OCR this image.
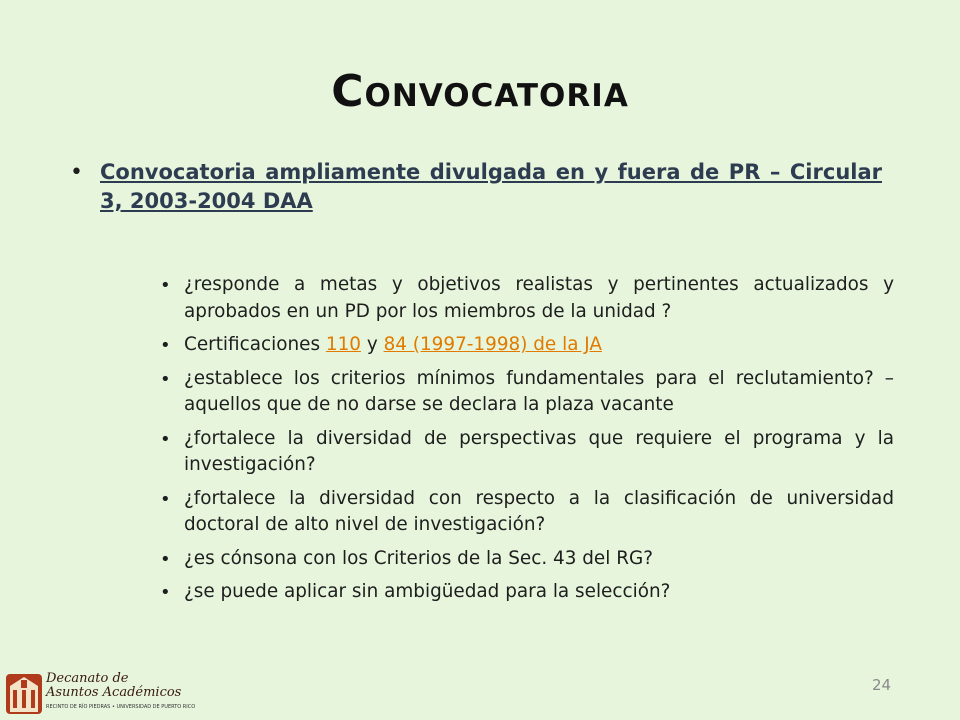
Convocatoria
• Convocatoria ampliamente divulgada en y fuera de PR – Circular 3, 2003-2004 DAA
• ¿responde a metas y objetivos realistas y pertinentes actualizados y aprobados en un PD por los miembros de la unidad ?
• Certificaciones 110 y 84 (1997-1998) de la JA
• ¿establece los criterios mínimos fundamentales para el reclutamiento? – aquellos que de no darse se declara la plaza vacante
• ¿fortalece la diversidad de perspectivas que requiere el programa y la investigación?
• ¿fortalece la diversidad con respecto a la clasificación de universidad doctoral de alto nivel de investigación?
• ¿es cónsona con los Criterios de la Sec. 43 del RG?
• ¿se puede aplicar sin ambigüedad para la selección?
Decanato de
Asuntos Académicos
RECINTO DE RÍO PIEDRAS • UNIVERSIDAD DE PUERTO RICO
24
